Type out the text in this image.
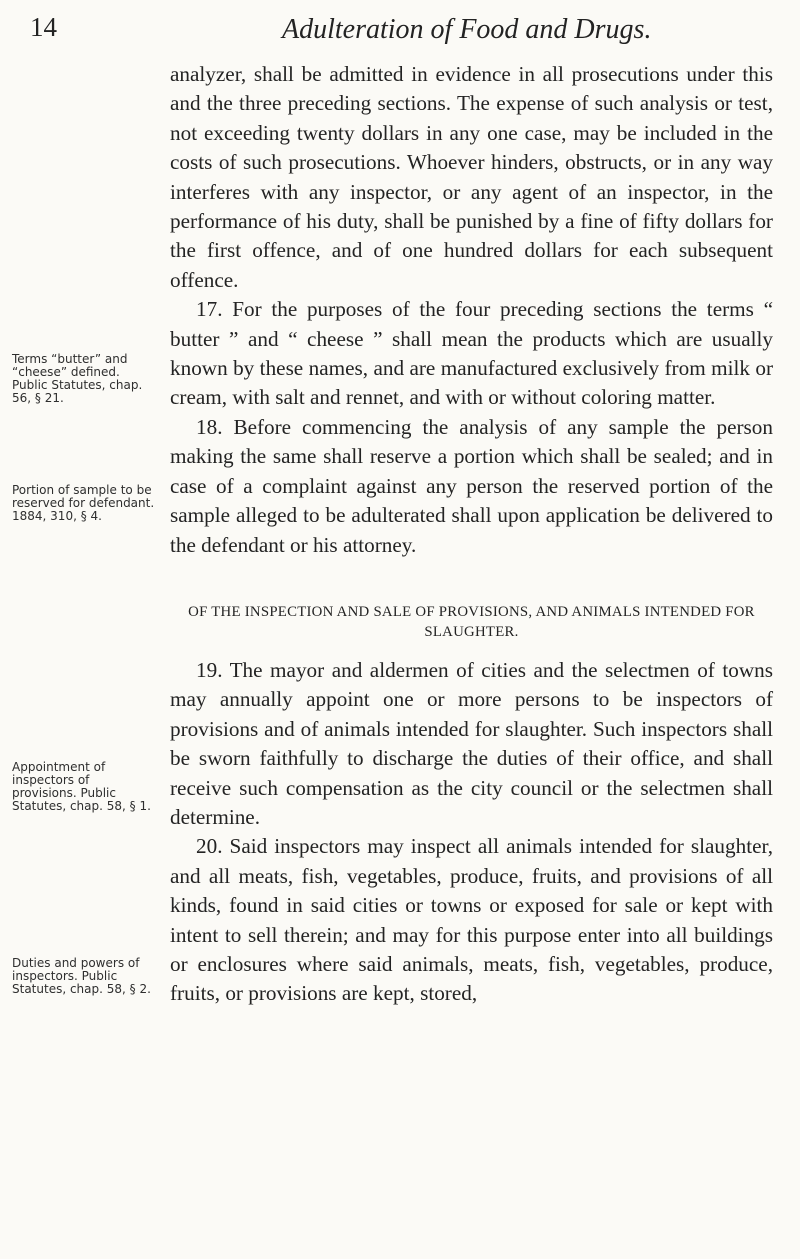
14	Adulteration of Food and Drugs.
Terms “butter” and “cheese” defined. Public Statutes, chap. 56, § 21.
Portion of sample to be reserved for defendant. 1884, 310, § 4.
Appointment of inspectors of provisions. Public Statutes, chap. 58, § 1.
Duties and powers of inspectors. Public Statutes, chap. 58, § 2.

analyzer, shall be admitted in evidence in all prosecutions under this and the three preceding sections. The expense of such analysis or test, not exceeding twenty dollars in any one case, may be included in the costs of such prosecutions. Whoever hinders, obstructs, or in any way interferes with any inspector, or any agent of an inspector, in the performance of his duty, shall be punished by a fine of fifty dollars for the first offence, and of one hundred dollars for each subsequent offence.

17. For the purposes of the four preceding sections the terms “ butter ” and “ cheese ” shall mean the products which are usually known by these names, and are manufactured exclusively from milk or cream, with salt and rennet, and with or without coloring matter.

18. Before commencing the analysis of any sample the person making the same shall reserve a portion which shall be sealed; and in case of a complaint against any person the reserved portion of the sample alleged to be adulterated shall upon application be delivered to the defendant or his attorney.

OF THE INSPECTION AND SALE OF PROVISIONS, AND ANIMALS INTENDED FOR SLAUGHTER.

19. The mayor and aldermen of cities and the selectmen of towns may annually appoint one or more persons to be inspectors of provisions and of animals intended for slaughter. Such inspectors shall be sworn faithfully to discharge the duties of their office, and shall receive such compensation as the city council or the selectmen shall determine.

20. Said inspectors may inspect all animals intended for slaughter, and all meats, fish, vegetables, produce, fruits, and provisions of all kinds, found in said cities or towns or exposed for sale or kept with intent to sell therein; and may for this purpose enter into all buildings or enclosures where said animals, meats, fish, vegetables, produce, fruits, or provisions are kept, stored,
